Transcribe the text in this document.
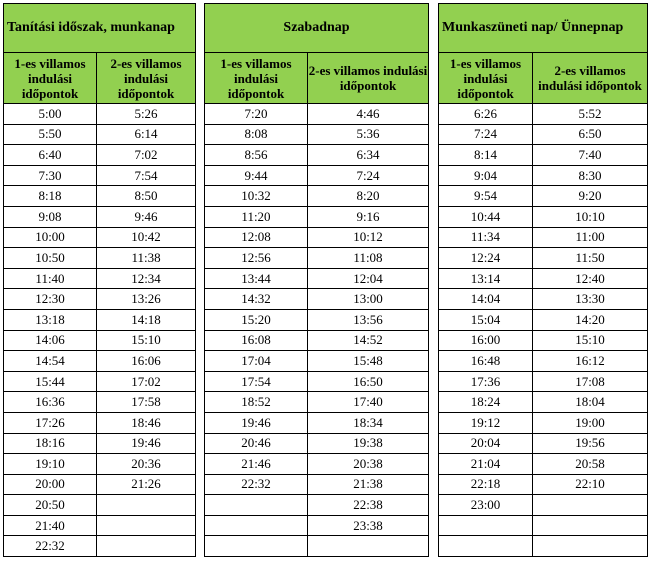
Tanítási időszak, munkanap	
1-es villamos indulási időpontok	2-es villamos indulási időpontok
5:00	5:26
5:50	6:14
6:40	7:02
7:30	7:54
8:18	8:50
9:08	9:46
10:00	10:42
10:50	11:38
11:40	12:34
12:30	13:26
13:18	14:18
14:06	15:10
14:54	16:06
15:44	17:02
16:36	17:58
17:26	18:46
18:16	19:46
19:10	20:36
20:00	21:26
20:50	
21:40	
22:32	
Szabadnap	
1-es villamos indulási időpontok	2-es villamos indulási időpontok
7:20	4:46
8:08	5:36
8:56	6:34
9:44	7:24
10:32	8:20
11:20	9:16
12:08	10:12
12:56	11:08
13:44	12:04
14:32	13:00
15:20	13:56
16:08	14:52
17:04	15:48
17:54	16:50
18:52	17:40
19:46	18:34
20:46	19:38
21:46	20:38
22:32	21:38
	22:38
	23:38

Munkaszüneti nap/ Ünnepnap	
1-es villamos indulási időpontok	2-es villamos indulási időpontok
6:26	5:52
7:24	6:50
8:14	7:40
9:04	8:30
9:54	9:20
10:44	10:10
11:34	11:00
12:24	11:50
13:14	12:40
14:04	13:30
15:04	14:20
16:00	15:10
16:48	16:12
17:36	17:08
18:24	18:04
19:12	19:00
20:04	19:56
21:04	20:58
22:18	22:10
23:00	
